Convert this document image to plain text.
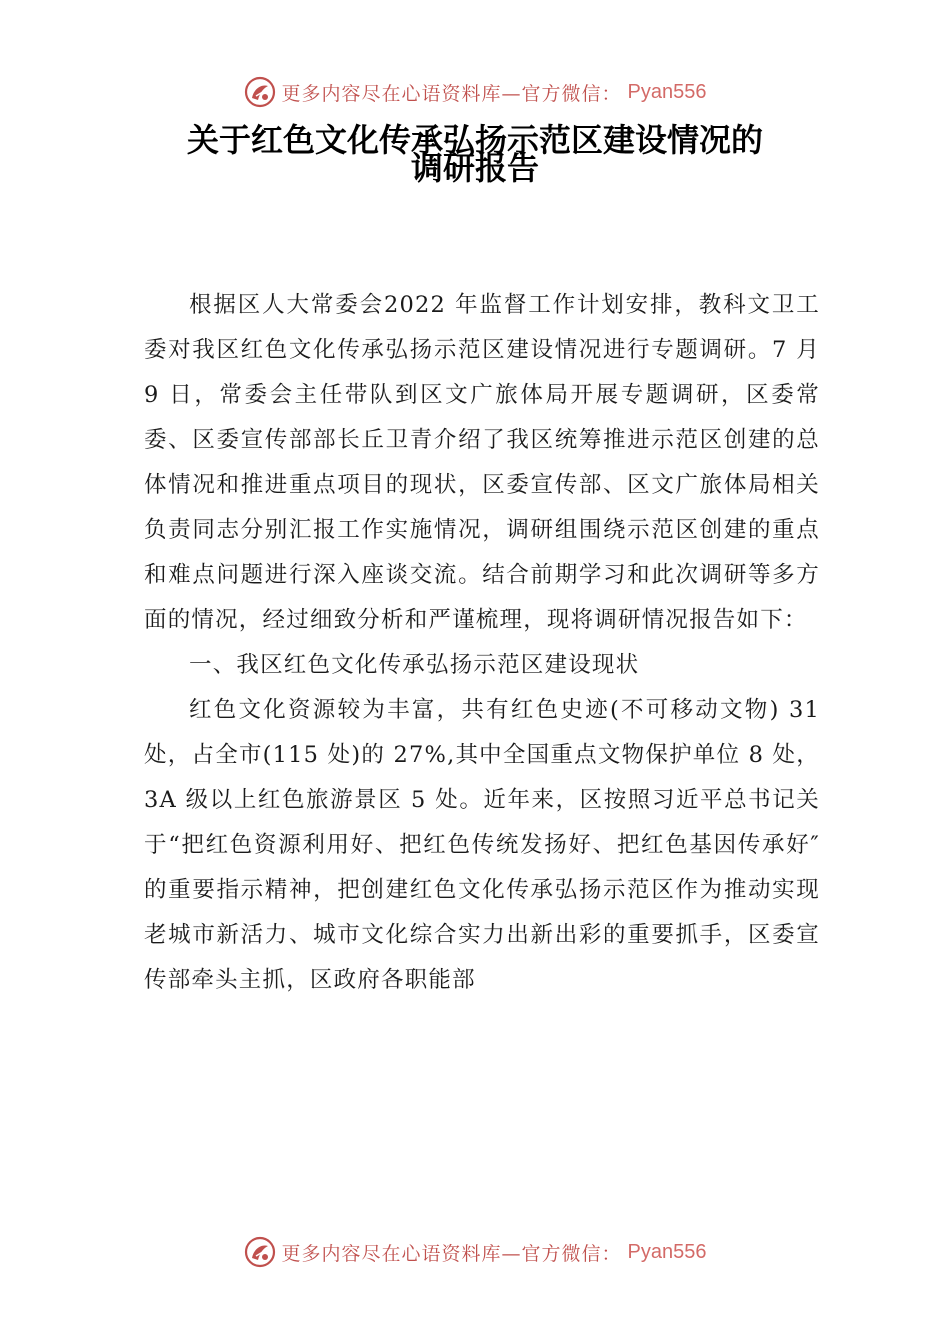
更多内容尽在心语资料库—官方微信： Pyan556
关于红色文化传承弘扬示范区建设情况的
调研报告

根据区人大常委会2022 年监督工作计划安排，教科文卫工委对我区红色文化传承弘扬示范区建设情况进行专题调研。7 月 9 日，常委会主任带队到区文广旅体局开展专题调研，区委常委、区委宣传部部长丘卫青介绍了我区统筹推进示范区创建的总体情况和推进重点项目的现状，区委宣传部、区文广旅体局相关负责同志分别汇报工作实施情况，调研组围绕示范区创建的重点和难点问题进行深入座谈交流。结合前期学习和此次调研等多方面的情况，经过细致分析和严谨梳理，现将调研情况报告如下：

一、我区红色文化传承弘扬示范区建设现状

红色文化资源较为丰富，共有红色史迹(不可移动文物) 31 处，占全市(115 处)的 27%,其中全国重点文物保护单位 8 处，3A 级以上红色旅游景区 5 处。近年来，区按照习近平总书记关于“把红色资源利用好、把红色传统发扬好、把红色基因传承好″的重要指示精神，把创建红色文化传承弘扬示范区作为推动实现老城市新活力、城市文化综合实力出新出彩的重要抓手，区委宣传部牵头主抓，区政府各职能部

更多内容尽在心语资料库—官方微信： Pyan556
